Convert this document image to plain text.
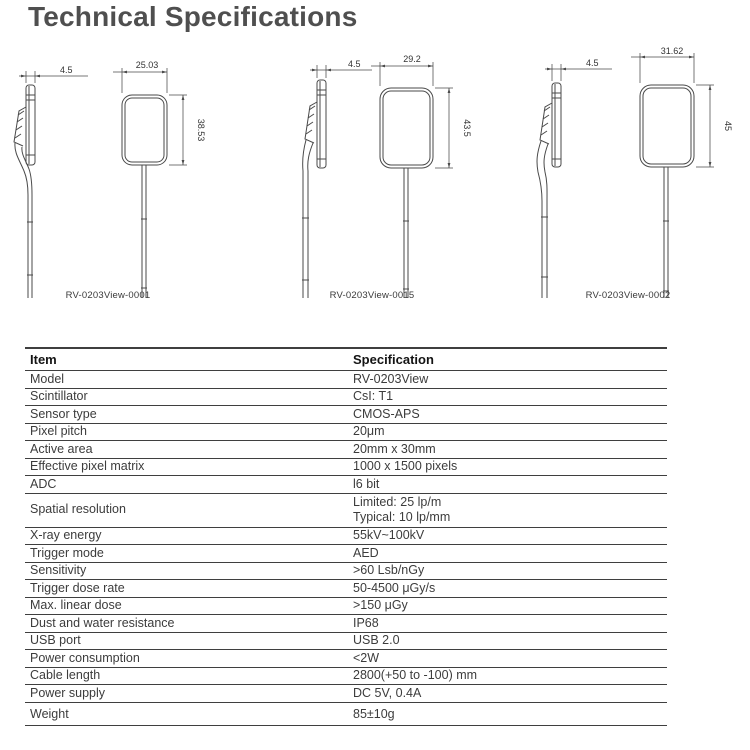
Technical Specifications
4.5	25.03
38.53
RV-0203View-0001
4.5	29.2
43.5
RV-0203View-0015
4.5
31.62
45
RV-0203View-0002
Item	Specification
Model	RV-0203View
Scintillator	CsI: T1
Sensor type	CMOS-APS
Pixel pitch	20μm
Active area	20mm x 30mm
Effective pixel matrix	1000 x 1500 pixels
ADC	l6 bit
Spatial resolution	Limited: 25 lp/m
Typical: 10 lp/mm

X-ray energy	55kV~100kV
Trigger mode	AED
Sensitivity	>60 Lsb/nGy
Trigger dose rate	50-4500 μGy/s
Max. linear dose	>150 μGy
Dust and water resistance	IP68
USB port	USB 2.0
Power consumption	<2W
Cable length	2800(+50 to -100) mm
Power supply	DC 5V, 0.4A
Weight	85±10g
